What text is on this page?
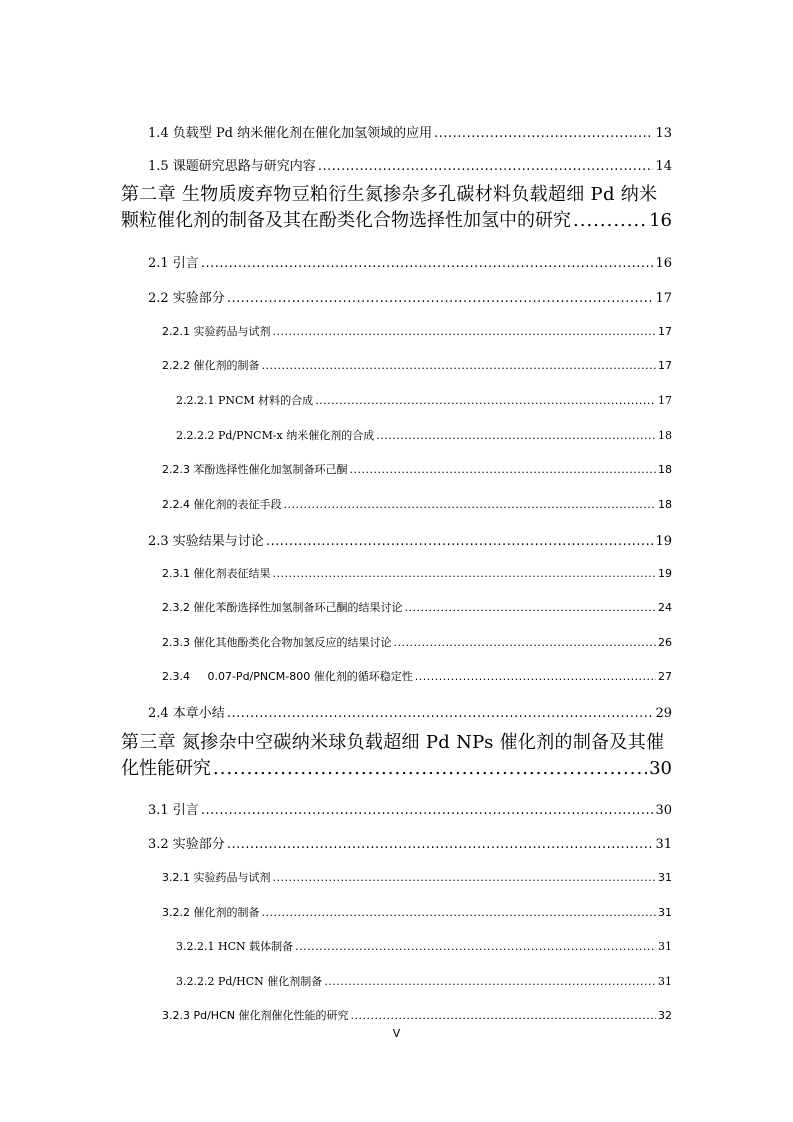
1.4 负载型 Pd 纳米催化剂在催化加氢领域的应用 .....	13
1.5 课题研究思路与研究内容 .....	14
第二章 生物质废弃物豆粕衍生氮掺杂多孔碳材料负载超细 Pd 纳米
颗粒催化剂的制备及其在酚类化合物选择性加氢中的研究 .....	16
2.1 引言 .....	16
2.2 实验部分 .....	17
2.2.1 实验药品与试剂 .....	17
2.2.2 催化剂的制备 .....	17
2.2.2.1 PNCM 材料的合成 .....	17
2.2.2.2 Pd/PNCM-x 纳米催化剂的合成 .....	18
2.2.3 苯酚选择性催化加氢制备环己酮 .....	18
2.2.4 催化剂的表征手段 .....	18
2.3 实验结果与讨论 .....	19
2.3.1 催化剂表征结果 .....	19
2.3.2 催化苯酚选择性加氢制备环己酮的结果讨论 .....	24
2.3.3 催化其他酚类化合物加氢反应的结果讨论 .....	26
2.3.4     0.07-Pd/PNCM-800 催化剂的循环稳定性 .....	27
2.4 本章小结 .....	29
第三章 氮掺杂中空碳纳米球负载超细 Pd NPs 催化剂的制备及其催
化性能研究 .....	30
3.1 引言 .....	30
3.2 实验部分 .....	31
3.2.1 实验药品与试剂 .....	31
3.2.2 催化剂的制备 .....	31
3.2.2.1 HCN 载体制备 .....	31
3.2.2.2 Pd/HCN 催化剂制备 .....	31
3.2.3 Pd/HCN 催化剂催化性能的研究 .....	32
V
